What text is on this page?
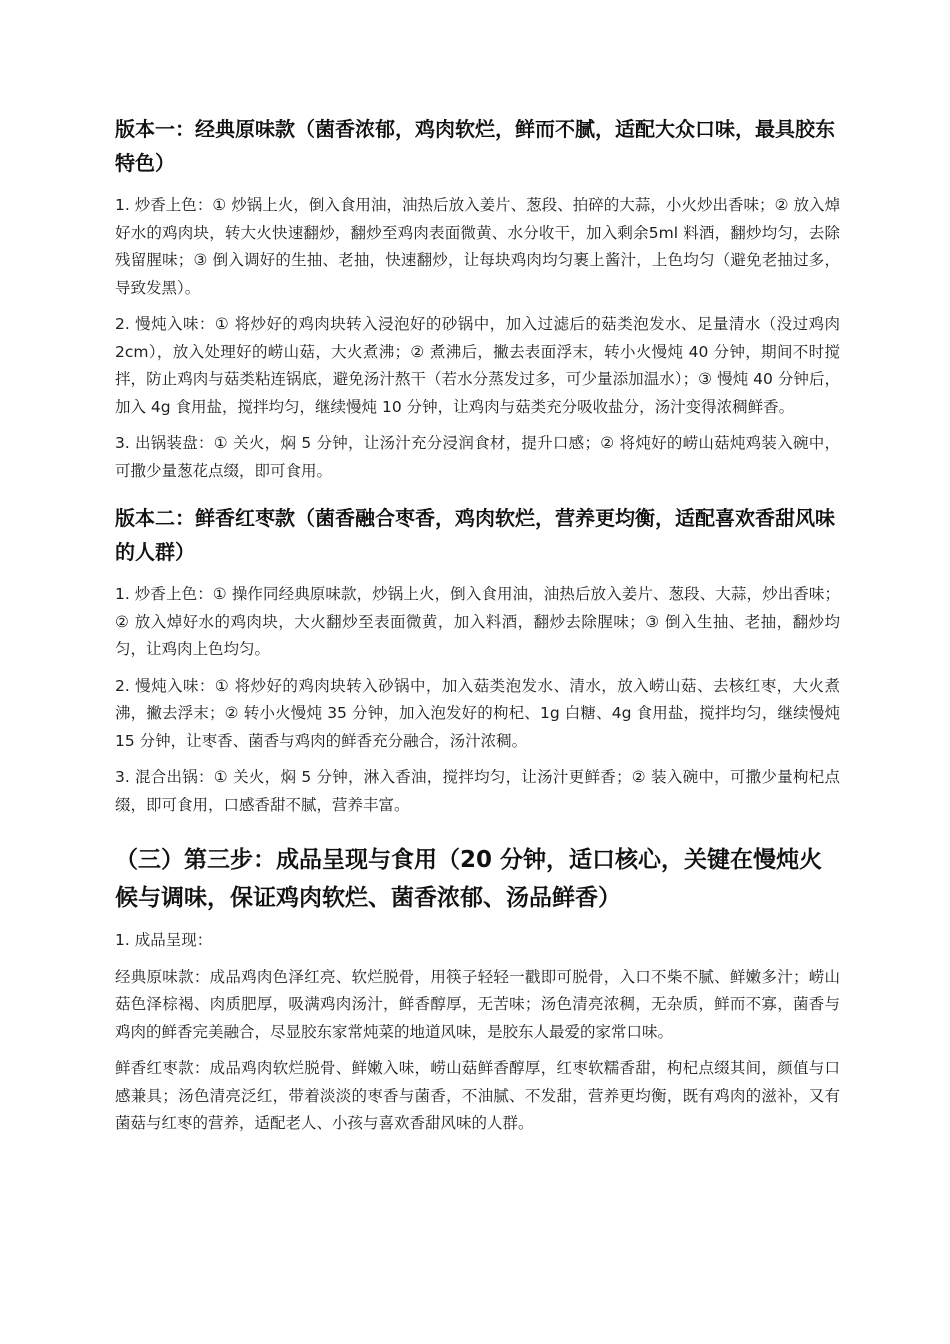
版本一：经典原味款（菌香浓郁，鸡肉软烂，鲜而不腻，适配大众口味，最具胶东特色）
1. 炒香上色：① 炒锅上火，倒入食用油，油热后放入姜片、葱段、拍碎的大蒜，小火炒出香味；② 放入焯好水的鸡肉块，转大火快速翻炒，翻炒至鸡肉表面微黄、水分收干，加入剩余5ml 料酒，翻炒均匀，去除残留腥味；③ 倒入调好的生抽、老抽，快速翻炒，让每块鸡肉均匀裹上酱汁，上色均匀（避免老抽过多，导致发黑）。
2. 慢炖入味：① 将炒好的鸡肉块转入浸泡好的砂锅中，加入过滤后的菇类泡发水、足量清水（没过鸡肉 2cm），放入处理好的崂山菇，大火煮沸；② 煮沸后，撇去表面浮末，转小火慢炖 40 分钟，期间不时搅拌，防止鸡肉与菇类粘连锅底，避免汤汁熬干（若水分蒸发过多，可少量添加温水）；③ 慢炖 40 分钟后，加入 4g 食用盐，搅拌均匀，继续慢炖 10 分钟，让鸡肉与菇类充分吸收盐分，汤汁变得浓稠鲜香。
3. 出锅装盘：① 关火，焖 5 分钟，让汤汁充分浸润食材，提升口感；② 将炖好的崂山菇炖鸡装入碗中，可撒少量葱花点缀，即可食用。
版本二：鲜香红枣款（菌香融合枣香，鸡肉软烂，营养更均衡，适配喜欢香甜风味的人群）
1. 炒香上色：① 操作同经典原味款，炒锅上火，倒入食用油，油热后放入姜片、葱段、大蒜，炒出香味；② 放入焯好水的鸡肉块，大火翻炒至表面微黄，加入料酒，翻炒去除腥味；③ 倒入生抽、老抽，翻炒均匀，让鸡肉上色均匀。
2. 慢炖入味：① 将炒好的鸡肉块转入砂锅中，加入菇类泡发水、清水，放入崂山菇、去核红枣，大火煮沸，撇去浮末；② 转小火慢炖 35 分钟，加入泡发好的枸杞、1g 白糖、4g 食用盐，搅拌均匀，继续慢炖 15 分钟，让枣香、菌香与鸡肉的鲜香充分融合，汤汁浓稠。
3. 混合出锅：① 关火，焖 5 分钟，淋入香油，搅拌均匀，让汤汁更鲜香；② 装入碗中，可撒少量枸杞点缀，即可食用，口感香甜不腻，营养丰富。
（三）第三步：成品呈现与食用（20 分钟，适口核心，关键在慢炖火候与调味，保证鸡肉软烂、菌香浓郁、汤品鲜香）
1. 成品呈现：
经典原味款：成品鸡肉色泽红亮、软烂脱骨，用筷子轻轻一戳即可脱骨，入口不柴不腻、鲜嫩多汁；崂山菇色泽棕褐、肉质肥厚，吸满鸡肉汤汁，鲜香醇厚，无苦味；汤色清亮浓稠，无杂质，鲜而不寡，菌香与鸡肉的鲜香完美融合，尽显胶东家常炖菜的地道风味，是胶东人最爱的家常口味。
鲜香红枣款：成品鸡肉软烂脱骨、鲜嫩入味，崂山菇鲜香醇厚，红枣软糯香甜，枸杞点缀其间，颜值与口感兼具；汤色清亮泛红，带着淡淡的枣香与菌香，不油腻、不发甜，营养更均衡，既有鸡肉的滋补，又有菌菇与红枣的营养，适配老人、小孩与喜欢香甜风味的人群。
